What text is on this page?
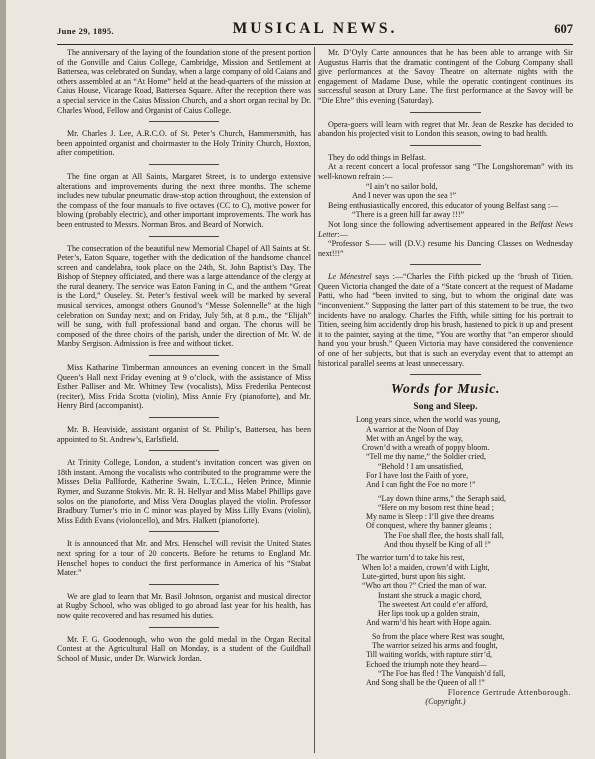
June 29, 1895.	MUSICAL NEWS.	607

The anniversary of the laying of the foundation stone of the present portion of the Gonville and Caius College, Cambridge, Mission and Settlement at Battersea, was celebrated on Sunday, when a large company of old Caians and others assembled at an “At Home” held at the head-quarters of the mission at Caius House, Vicarage Road, Battersea Square. After the reception there was a special service in the Caius Mission Church, and a short organ recital by Dr. Charles Wood, Fellow and Organist of Caius College.

Mr. Charles J. Lee, A.R.C.O. of St. Peter’s Church, Hammersmith, has been appointed organist and choirmaster to the Holy Trinity Church, Hoxton, after competition.

The fine organ at All Saints, Margaret Street, is to undergo extensive alterations and improvements during the next three months. The scheme includes new tubular pneumatic draw-stop action throughout, the extension of the compass of the four manuals to five octaves (CC to C), motive power for blowing (probably electric), and other important improvements. The work has been entrusted to Messrs. Norman Bros. and Beard of Norwich.

The consecration of the beautiful new Memorial Chapel of All Saints at St. Peter’s, Eaton Square, together with the dedication of the handsome chancel screen and candelabra, took place on the 24th, St. John Baptist’s Day. The Bishop of Stepney officiated, and there was a large attendance of the clergy at the rural deanery. The service was Eaton Faning in C, and the anthem “Great is the Lord,” Ouseley. St. Peter’s festival week will be marked by several musical services, amongst others Gounod’s “Messe Solennelle” at the high celebration on Sunday next; and on Friday, July 5th, at 8 p.m., the “Elijah” will be sung, with full professional band and organ. The chorus will be composed of the three choirs of the parish, under the direction of Mr. W. de Manby Sergison. Admission is free and without ticket.

Miss Katharine Timberman announces an evening concert in the Small Queen’s Hall next Friday evening at 9 o’clock, with the assistance of Miss Esther Palliser and Mr. Whitney Tew (vocalists), Miss Frederika Pentecost (reciter), Miss Frida Scotta (violin), Miss Annie Fry (pianoforte), and Mr. Henry Bird (accompanist).

Mr. B. Heaviside, assistant organist of St. Philip’s, Battersea, has been appointed to St. Andrew’s, Earlsfield.

At Trinity College, London, a student’s invitation concert was given on 18th instant. Among the vocalists who contributed to the programme were the Misses Delia Pallforde, Katherine Swain, L.T.C.L., Helen Prince, Minnie Rymer, and Suzanne Stokvis. Mr. R. H. Hellyar and Miss Mabel Phillips gave solos on the pianoforte, and Miss Vera Douglas played the violin. Professor Bradbury Turner’s trio in C minor was played by Miss Lilly Evans (violin), Miss Edith Evans (violoncello), and Mrs. Halkett (pianoforte).

It is announced that Mr. and Mrs. Henschel will revisit the United States next spring for a tour of 20 concerts. Before he returns to England Mr. Henschel hopes to conduct the first performance in America of his “Stabat Mater.”

We are glad to learn that Mr. Basil Johnson, organist and musical director at Rugby School, who was obliged to go abroad last year for his health, has now quite recovered and has resumed his duties.

Mr. F. G. Goodenough, who won the gold medal in the Organ Recital Contest at the Agricultural Hall on Monday, is a student of the Guildhall School of Music, under Dr. Warwick Jordan.

Mr. D’Oyly Carte announces that he has been able to arrange with Sir Augustus Harris that the dramatic contingent of the Coburg Company shall give performances at the Savoy Theatre on alternate nights with the engagement of Madame Duse, while the operatic contingent continues its successful season at Drury Lane. The first performance at the Savoy will be “Die Ehre” this evening (Saturday).

Opera-goers will learn with regret that Mr. Jean de Reszke has decided to abandon his projected visit to London this season, owing to bad health.

They do odd things in Belfast.

At a recent concert a local professor sang “The Longshoreman” with its well-known refrain :—

“I ain’t no sailor bold,

And I never was upon the sea !”

Being enthusiastically encored, this educator of young Belfast sang :—

“There is a green hill far away !!!”

Not long since the following advertisement appeared in the Belfast News Letter:—

“Professor S—— will (D.V.) resume his Dancing Classes on Wednesday next!!!”

Le Ménestrel says :—“Charles the Fifth picked up the ‘brush of Titien. Queen Victoria changed the date of a “State concert at the request of Madame Patti, who had “been invited to sing, but to whom the original date was “inconvenient.” Supposing the latter part of this statement to be true, the two incidents have no analogy. Charles the Fifth, while sitting for his portrait to Titien, seeing him accidently drop his brush, hastened to pick it up and present it to the painter, saying at the time, “You are worthy that “an emperor should hand you your brush.” Queen Victoria may have considered the convenience of one of her subjects, but that is such an everyday event that to attempt an historical parallel seems at least unnecessary.

Words for Music.
Song and Sleep.

Long years since, when the world was young,

A warrior at the Noon of Day

Met with an Angel by the way,

Crown’d with a wreath of poppy bloom.

“Tell me thy name,” the Soldier cried,

“Behold ! I am unsatisfied,

For I have lost the Faith of yore,

And I can fight the Foe no more !”

“Lay down thine arms,” the Seraph said,

“Here on my bosom rest thine head ;

My name is Sleep : I’ll give thee dreams

Of conquest, where thy banner gleams ;

The Foe shall flee, the hosts shall fall,

And thou thyself be King of all !”

The warrior turn’d to take his rest,

When lo! a maiden, crown’d with Light,

Lute-girted, burst upon his sight.

“Who art thou ?” Cried the man of war.

Instant she struck a magic chord,

The sweetest Art could e’er afford,

Her lips took up a golden strain,

And warm’d his heart with Hope again.

So from the place where Rest was sought,

The warrior seized his arms and fought,

Till waiting worlds, with rapture stirr’d,

Echoed the triumph note they heard—

“The Foe has fled ! The Vanquish’d fall,

And Song shall be the Queen of all !”

Florence Gertrude Attenborough.

(Copyright.)
